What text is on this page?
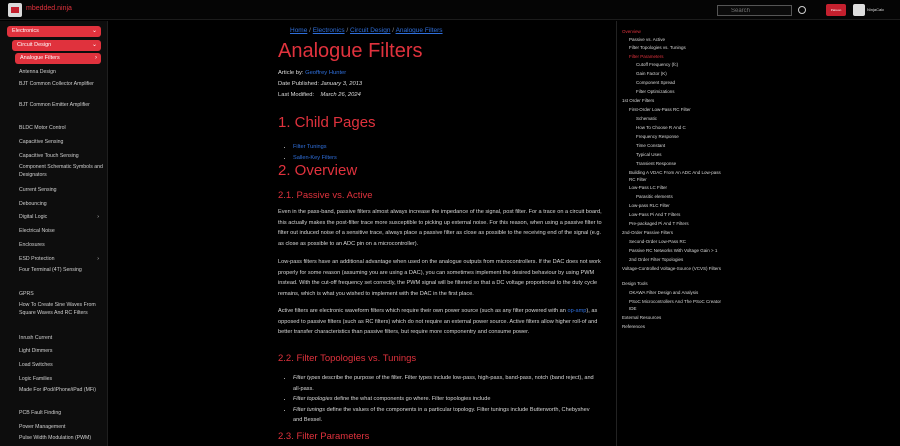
mbedded.ninja
Search	Patreon	NinjaCalc
Electronics	⌄
Circuit Design	⌄
Analogue Filters	›
Antenna Design
BJT Common Collector Amplifier
BJT Common Emitter Amplifier
BLDC Motor Control
Capacitive Sensing
Capacitive Touch Sensing
Component Schematic Symbols and Designators
Current Sensing
Debouncing
Digital Logic	›
Electrical Noise
Enclosures
ESD Protection	›
Four Terminal (4T) Sensing
GPRS
How To Create Sine Waves From Square Waves And RC Filters
Inrush Current
Light Dimmers
Load Switches
Logic Families
Made For iPod/iPhone/iPad (MFi)
PCB Fault Finding
Power Management
Pulse Width Modulation (PWM)
Home / Electronics / Circuit Design / Analogue Filters
Analogue Filters
Article by: Geoffrey Hunter
Date Published: January 3, 2013
Last Modified: March 26, 2024
1. Child Pages
• Filter Tunings
• Sallen-Key Filters
2. Overview
2.1. Passive vs. Active

Even in the pass-band, passive filters almost always increase the impedance of the signal, post filter. For a trace on a circuit board, this actually makes the post-filter trace more susceptible to picking up external noise. For this reason, when using a passive filter to filter out induced noise of a sensitive trace, always place a passive filter as close as possible to the receiving end of the signal (e.g. as close as possible to an ADC pin on a microcontroller).

Low-pass filters have an additional advantage when used on the analogue outputs from microcontrollers. If the DAC does not work properly for some reason (assuming you are using a DAC), you can sometimes implement the desired behaviour by using PWM instead. With the cut-off frequency set correctly, the PWM signal will be filtered so that a DC voltage proportional to the duty cycle remains, which is what you wished to implement with the DAC in the first place.

Active filters are electronic waveform filters which require their own power source (such as any filter powered with an op-amp), as opposed to passive filters (such as RC filters) which do not require an external power source. Active filters allow higher roll-of and better transfer characteristics than passive filters, but require more componentry and consume power.

2.2. Filter Topologies vs. Tunings
• Filter types describe the purpose of the filter. Filter types include low-pass, high-pass, band-pass, notch (band reject), and all-pass.
• Filter topologies define the what components go where. Filter topologies include
• Filter tunings define the values of the components in a particular topology. Filter tunings include Butterworth, Chebyshev and Bessel.
2.3. Filter Parameters
Overview
Passive vs. Active
Filter Topologies vs. Tunings
Filter Parameters
Cutoff Frequency (fc)
Gain Factor (K)
Component Spread
Filter Optimizations
1st Order Filters
First-Order Low-Pass RC Filter
Schematic
How To Choose R And C
Frequency Response
Time Constant
Typical Uses
Transient Response
Building A VDAC From An ADC And Low-pass RC Filter
Low-Pass LC Filter
Parasitic elements
Low-pass RLC Filter
Low-Pass Pi And T Filters
Pre-packaged Pi And T Filters
2nd-Order Passive Filters
Second-Order Low-Pass RC
Passive RC Networks With Voltage Gain > 1
2nd Order Filter Topologies
Voltage-Controlled Voltage-Source (VCVS) Filters
Design Tools
OKAWA Filter Design and Analysis
PSoC Microcontrollers And The PSoC Creator IDE
External Resources
References
